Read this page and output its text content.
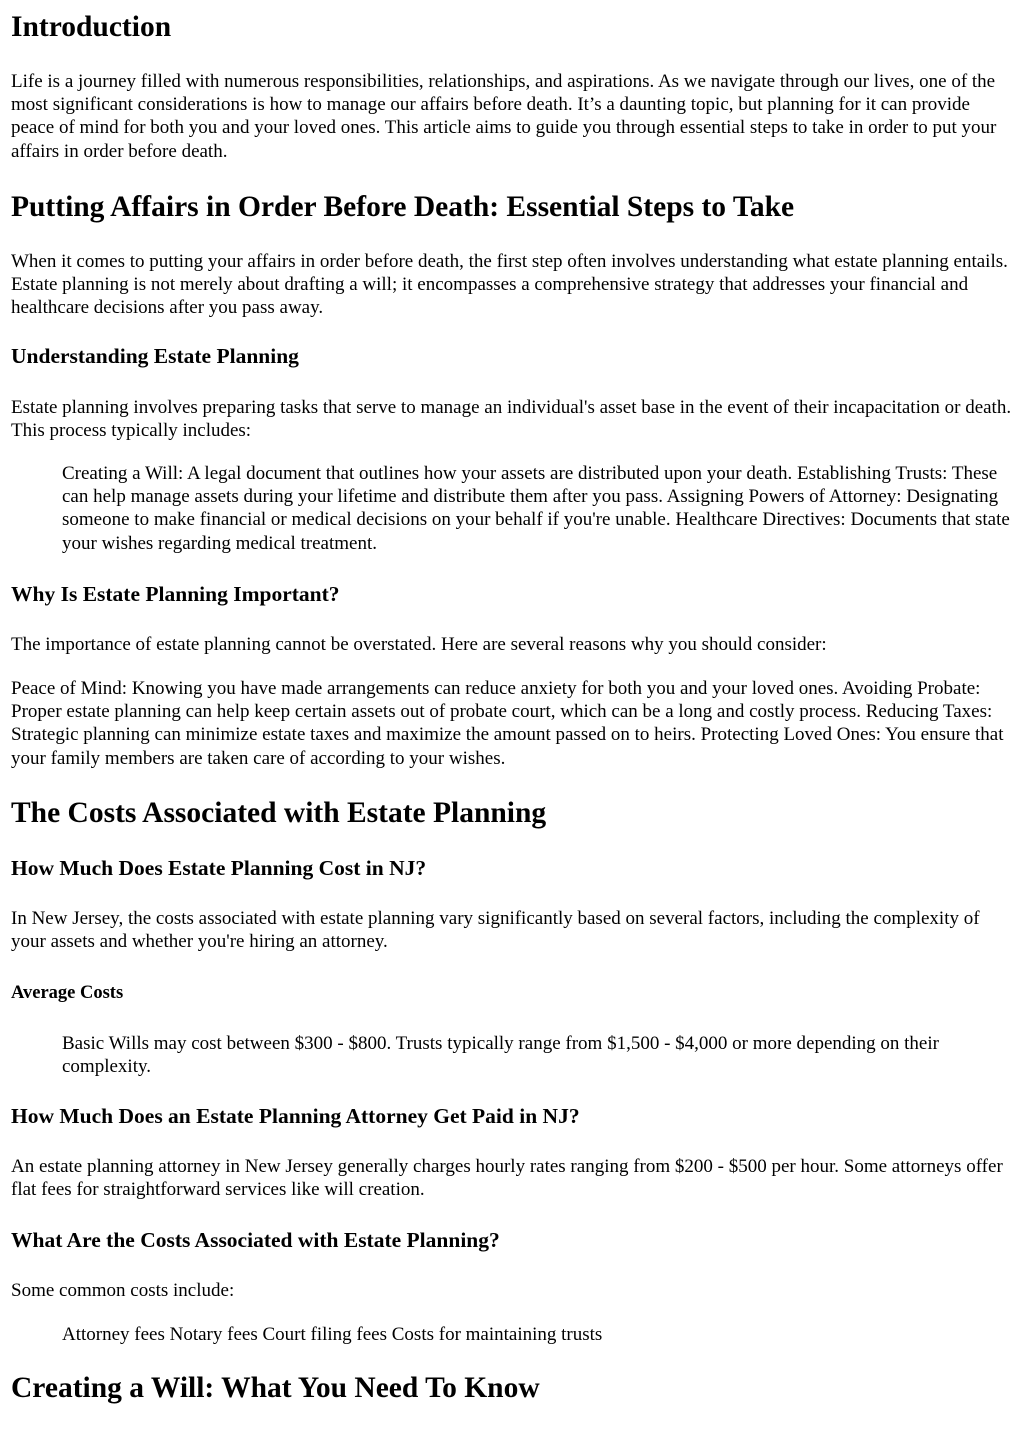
Introduction

Life is a journey filled with numerous responsibilities, relationships, and aspirations. As we navigate through our lives, one of the most significant considerations is how to manage our affairs before death. It’s a daunting topic, but planning for it can provide peace of mind for both you and your loved ones. This article aims to guide you through essential steps to take in order to put your affairs in order before death.

Putting Affairs in Order Before Death: Essential Steps to Take

When it comes to putting your affairs in order before death, the first step often involves understanding what estate planning entails. Estate planning is not merely about drafting a will; it encompasses a comprehensive strategy that addresses your financial and healthcare decisions after you pass away.

Understanding Estate Planning

Estate planning involves preparing tasks that serve to manage an individual's asset base in the event of their incapacitation or death. This process typically includes:

Creating a Will: A legal document that outlines how your assets are distributed upon your death. Establishing Trusts: These can help manage assets during your lifetime and distribute them after you pass. Assigning Powers of Attorney: Designating someone to make financial or medical decisions on your behalf if you're unable. Healthcare Directives: Documents that state your wishes regarding medical treatment.
Why Is Estate Planning Important?

The importance of estate planning cannot be overstated. Here are several reasons why you should consider:

Peace of Mind: Knowing you have made arrangements can reduce anxiety for both you and your loved ones. Avoiding Probate: Proper estate planning can help keep certain assets out of probate court, which can be a long and costly process. Reducing Taxes: Strategic planning can minimize estate taxes and maximize the amount passed on to heirs. Protecting Loved Ones: You ensure that your family members are taken care of according to your wishes.

The Costs Associated with Estate Planning
How Much Does Estate Planning Cost in NJ?

In New Jersey, the costs associated with estate planning vary significantly based on several factors, including the complexity of your assets and whether you're hiring an attorney.

Average Costs
Basic Wills may cost between $300 - $800. Trusts typically range from $1,500 - $4,000 or more depending on their complexity.
How Much Does an Estate Planning Attorney Get Paid in NJ?

An estate planning attorney in New Jersey generally charges hourly rates ranging from $200 - $500 per hour. Some attorneys offer flat fees for straightforward services like will creation.

What Are the Costs Associated with Estate Planning?

Some common costs include:

Attorney fees Notary fees Court filing fees Costs for maintaining trusts
Creating a Will: What You Need To Know
